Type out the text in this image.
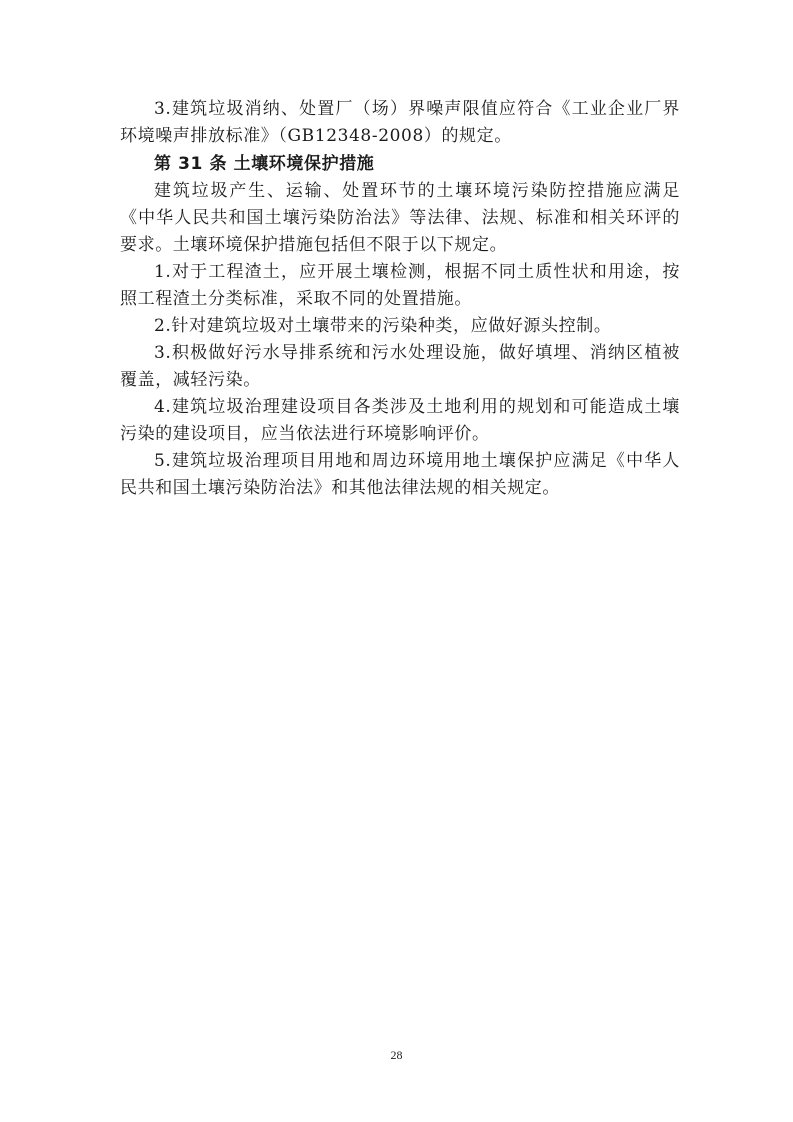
3.建筑垃圾消纳、处置厂（场）界噪声限值应符合《工业企业厂界环境噪声排放标准》（GB12348-2008）的规定。

第 31 条 土壤环境保护措施

建筑垃圾产生、运输、处置环节的土壤环境污染防控措施应满足《中华人民共和国土壤污染防治法》等法律、法规、标准和相关环评的要求。土壤环境保护措施包括但不限于以下规定。

1.对于工程渣土，应开展土壤检测，根据不同土质性状和用途，按照工程渣土分类标准，采取不同的处置措施。

2.针对建筑垃圾对土壤带来的污染种类，应做好源头控制。

3.积极做好污水导排系统和污水处理设施，做好填埋、消纳区植被覆盖，减轻污染。

4.建筑垃圾治理建设项目各类涉及土地利用的规划和可能造成土壤污染的建设项目，应当依法进行环境影响评价。

5.建筑垃圾治理项目用地和周边环境用地土壤保护应满足《中华人民共和国土壤污染防治法》和其他法律法规的相关规定。

28
